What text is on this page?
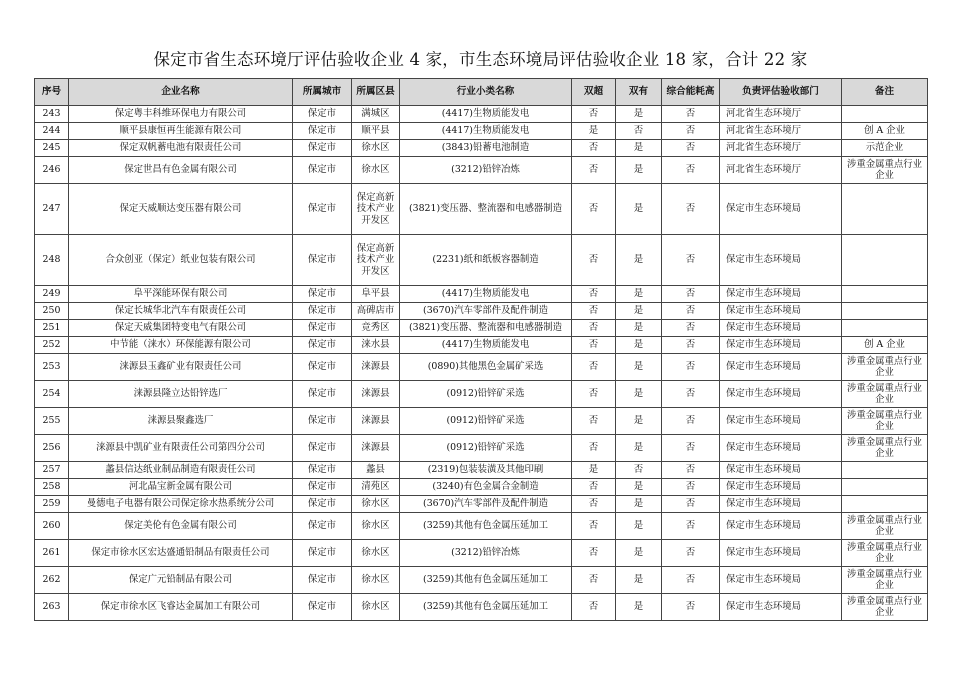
保定市省生态环境厅评估验收企业 4 家，市生态环境局评估验收企业 18 家，合计 22 家
序号	企业名称	所属城市	所属区县	行业小类名称	双超	双有	综合能耗高	负责评估验收部门	备注
243	保定粤丰科维环保电力有限公司	保定市	满城区	(4417)生物质能发电	否	是	否	河北省生态环境厅	
244	顺平县康恒再生能源有限公司	保定市	顺平县	(4417)生物质能发电	是	否	否	河北省生态环境厅	创 A 企业
245	保定双帆蓄电池有限责任公司	保定市	徐水区	(3843)铅蓄电池制造	否	是	否	河北省生态环境厅	示范企业
246	保定世昌有色金属有限公司	保定市	徐水区	(3212)铅锌冶炼	否	是	否	河北省生态环境厅	涉重金属重点行业企业
247	保定天威顺达变压器有限公司	保定市	保定高新技术产业开发区	(3821)变压器、整流器和电感器制造	否	是	否	保定市生态环境局	
248	合众创亚（保定）纸业包装有限公司	保定市	保定高新技术产业开发区	(2231)纸和纸板容器制造	否	是	否	保定市生态环境局	
249	阜平深能环保有限公司	保定市	阜平县	(4417)生物质能发电	否	是	否	保定市生态环境局	
250	保定长城华北汽车有限责任公司	保定市	高碑店市	(3670)汽车零部件及配件制造	否	是	否	保定市生态环境局	
251	保定天威集团特变电气有限公司	保定市	竞秀区	(3821)变压器、整流器和电感器制造	否	是	否	保定市生态环境局	
252	中节能（涞水）环保能源有限公司	保定市	涞水县	(4417)生物质能发电	否	是	否	保定市生态环境局	创 A 企业
253	涞源县玉鑫矿业有限责任公司	保定市	涞源县	(0890)其他黑色金属矿采选	否	是	否	保定市生态环境局	涉重金属重点行业企业
254	涞源县隆立达铅锌选厂	保定市	涞源县	(0912)铅锌矿采选	否	是	否	保定市生态环境局	涉重金属重点行业企业
255	涞源县聚鑫选厂	保定市	涞源县	(0912)铅锌矿采选	否	是	否	保定市生态环境局	涉重金属重点行业企业
256	涞源县中凯矿业有限责任公司第四分公司	保定市	涞源县	(0912)铅锌矿采选	否	是	否	保定市生态环境局	涉重金属重点行业企业
257	蠡县信达纸业制品制造有限责任公司	保定市	蠡县	(2319)包装装潢及其他印刷	是	否	否	保定市生态环境局	
258	河北晶宝新金属有限公司	保定市	清苑区	(3240)有色金属合金制造	否	是	否	保定市生态环境局	
259	曼德电子电器有限公司保定徐水热系统分公司	保定市	徐水区	(3670)汽车零部件及配件制造	否	是	否	保定市生态环境局	
260	保定美伦有色金属有限公司	保定市	徐水区	(3259)其他有色金属压延加工	否	是	否	保定市生态环境局	涉重金属重点行业企业
261	保定市徐水区宏达盛通铅制品有限责任公司	保定市	徐水区	(3212)铅锌冶炼	否	是	否	保定市生态环境局	涉重金属重点行业企业
262	保定广元铅制品有限公司	保定市	徐水区	(3259)其他有色金属压延加工	否	是	否	保定市生态环境局	涉重金属重点行业企业
263	保定市徐水区飞睿达金属加工有限公司	保定市	徐水区	(3259)其他有色金属压延加工	否	是	否	保定市生态环境局	涉重金属重点行业企业
